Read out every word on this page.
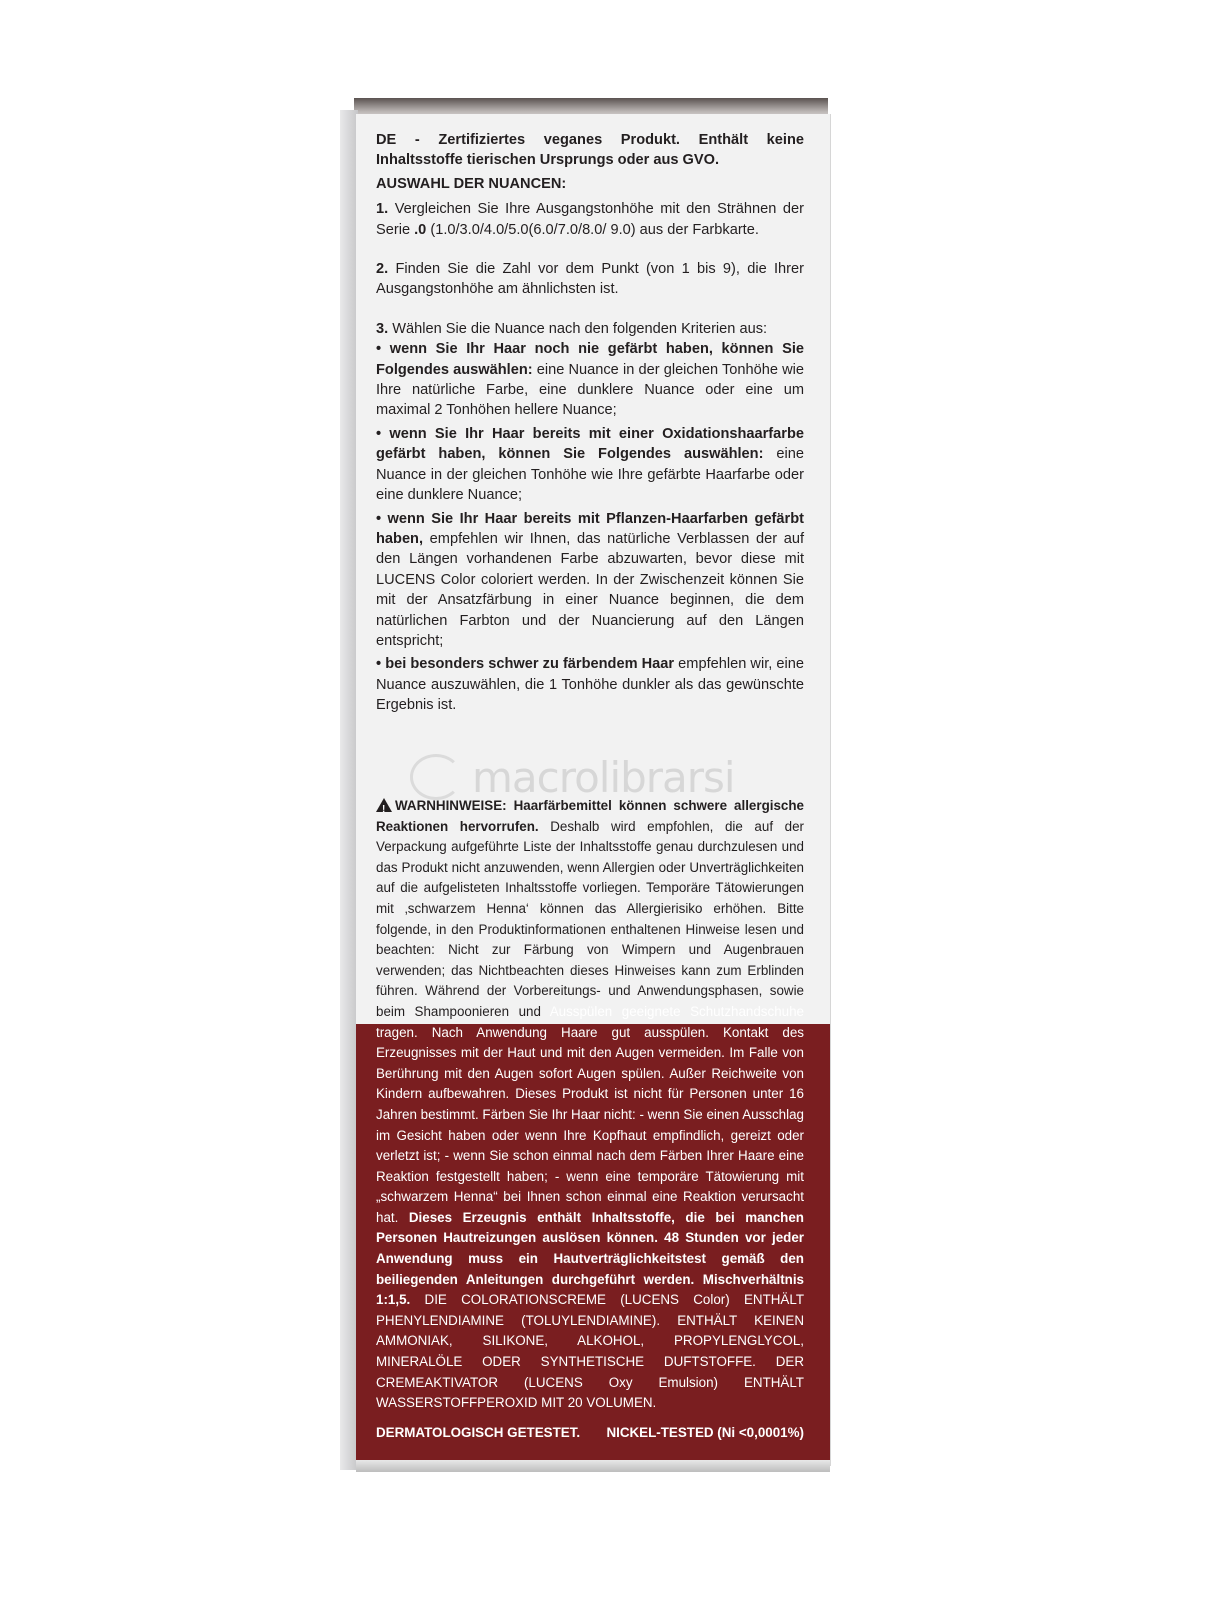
DE - Zertifiziertes veganes Produkt. Enthält keine Inhaltsstoffe tierischen Ursprungs oder aus GVO.

AUSWAHL DER NUANCEN:

1. Vergleichen Sie Ihre Ausgangstonhöhe mit den Strähnen der Serie .0 (1.0/3.0/4.0/5.0(6.0/7.0/8.0/ 9.0) aus der Farbkarte.

2. Finden Sie die Zahl vor dem Punkt (von 1 bis 9), die Ihrer Ausgangstonhöhe am ähnlichsten ist.

3. Wählen Sie die Nuance nach den folgenden Kriterien aus:

• wenn Sie Ihr Haar noch nie gefärbt haben, können Sie Folgendes auswählen: eine Nuance in der gleichen Tonhöhe wie Ihre natürliche Farbe, eine dunklere Nuance oder eine um maximal 2 Tonhöhen hellere Nuance;

• wenn Sie Ihr Haar bereits mit einer Oxidationshaarfarbe gefärbt haben, können Sie Folgendes auswählen: eine Nuance in der gleichen Tonhöhe wie Ihre gefärbte Haarfarbe oder eine dunklere Nuance;

• wenn Sie Ihr Haar bereits mit Pflanzen-Haarfarben gefärbt haben, empfehlen wir Ihnen, das natürliche Verblassen der auf den Längen vorhandenen Farbe abzuwarten, bevor diese mit LUCENS Color coloriert werden. In der Zwischenzeit können Sie mit der Ansatzfärbung in einer Nuance beginnen, die dem natürlichen Farbton und der Nuancierung auf den Längen entspricht;

• bei besonders schwer zu färbendem Haar empfehlen wir, eine Nuance auszuwählen, die 1 Tonhöhe dunkler als das gewünschte Ergebnis ist.

macrolibrarsi
!WARNHINWEISE: Haarfärbemittel können schwere allergische Reaktionen hervorrufen. Deshalb wird empfohlen, die auf der Verpackung aufgeführte Liste der Inhaltsstoffe genau durchzulesen und das Produkt nicht anzuwenden, wenn Allergien oder Unverträglichkeiten auf die aufgelisteten Inhaltsstoffe vorliegen. Temporäre Tätowierungen mit ‚schwarzem Henna‘ können das Allergierisiko erhöhen. Bitte folgende, in den Produktinformationen enthaltenen Hinweise lesen und beachten: Nicht zur Färbung von Wimpern und Augenbrauen verwenden; das Nichtbeachten dieses Hinweises kann zum Erblinden führen. Während der Vorbereitungs- und Anwendungsphasen, sowie beim Shampoonieren und Ausspülen geeignete Schutzhandschuhe tragen. Nach Anwendung Haare gut ausspülen. Kontakt des Erzeugnisses mit der Haut und mit den Augen vermeiden. Im Falle von Berührung mit den Augen sofort Augen spülen. Außer Reichweite von Kindern aufbewahren. Dieses Produkt ist nicht für Personen unter 16 Jahren bestimmt. Färben Sie Ihr Haar nicht: - wenn Sie einen Ausschlag im Gesicht haben oder wenn Ihre Kopfhaut empfindlich, gereizt oder verletzt ist; - wenn Sie schon einmal nach dem Färben Ihrer Haare eine Reaktion festgestellt haben; - wenn eine temporäre Tätowierung mit „schwarzem Henna“ bei Ihnen schon einmal eine Reaktion verursacht hat. Dieses Erzeugnis enthält Inhaltsstoffe, die bei manchen Personen Hautreizungen auslösen können. 48 Stunden vor jeder Anwendung muss ein Hautverträglichkeitstest gemäß den beiliegenden Anleitungen durchgeführt werden. Mischverhältnis 1:1,5. DIE COLORATIONSCREME (LUCENS Color) ENTHÄLT PHENYLENDIAMINE (TOLUYLENDIAMINE). ENTHÄLT KEINEN AMMONIAK, SILIKONE, ALKOHOL, PROPYLENGLYCOL, MINERALÖLE ODER SYNTHETISCHE DUFTSTOFFE. DER CREMEAKTIVATOR (LUCENS Oxy Emulsion) ENTHÄLT WASSERSTOFFPEROXID MIT 20 VOLUMEN.
DERMATOLOGISCH GETESTET. NICKEL-TESTED (Ni <0,0001%)
